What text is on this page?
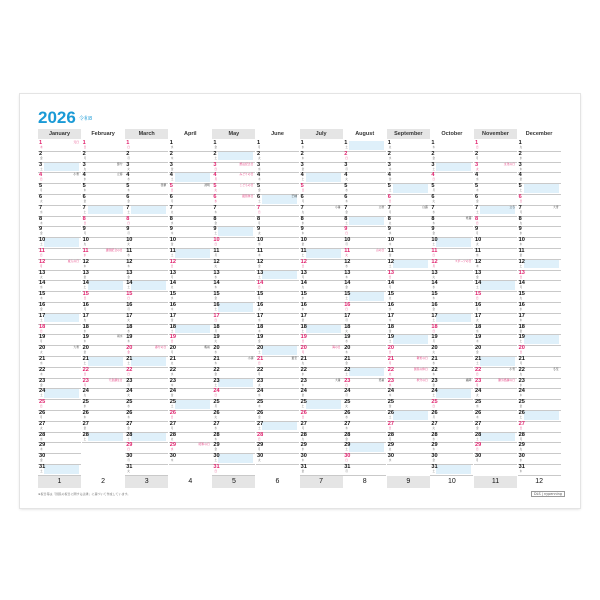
2026 令和8
January
1
木
元日
2
金
3
土
4
日
小寒
5
月
6
火
7
水
8
木
9
金
10
土
11
日
12
月
成人の日
13
火
14
水
15
木
16
金
17
土
18
日
19
月
20
火
大寒
21
水
22
木
23
金
24
土
25
日
26
月
27
火
28
水
29
木
30
金
31
土
1
February
1
日
2
月
3
火
節分
4
水
立春
5
木
6
金
7
土
8
日
9
月
10
火
11
水
建国記念の日
12
木
13
金
14
土
15
日
16
月
17
火
18
水
19
木
雨水
20
金
21
土
22
日
23
月
天皇誕生日
24
火
25
水
26
木
27
金
28
土
2
March
1
日
2
月
3
火
4
水
5
木
啓蟄
6
金
7
土
8
日
9
月
10
火
11
水
12
木
13
金
14
土
15
日
16
月
17
火
18
水
19
木
20
金
春分の日
21
土
22
日
23
月
24
火
25
水
26
木
27
金
28
土
29
日
30
月
31
火
3
April
1
水
2
木
3
金
4
土
5
日
清明
6
月
7
火
8
水
9
木
10
金
11
土
12
日
13
月
14
火
15
水
16
木
17
金
18
土
19
日
20
月
穀雨
21
火
22
水
23
木
24
金
25
土
26
日
27
月
28
火
29
水
昭和の日
30
木
4
May
1
金
2
土
3
日
憲法記念日
4
月
みどりの日
5
火
こどもの日
6
水
振替休日
7
木
8
金
9
土
10
日
11
月
12
火
13
水
14
木
15
金
16
土
17
日
18
月
19
火
20
水
21
木
小満
22
金
23
土
24
日
25
月
26
火
27
水
28
木
29
金
30
土
31
日
5
June
1
月
2
火
3
水
4
木
5
金
6
土
芒種
7
日
8
月
9
火
10
水
11
木
12
金
13
土
14
日
15
月
16
火
17
水
18
木
19
金
20
土
21
日
夏至
22
月
23
火
24
水
25
木
26
金
27
土
28
日
29
月
30
火
6
July
1
水
2
木
3
金
4
土
5
日
6
月
7
火
小暑
8
水
9
木
10
金
11
土
12
日
13
月
14
火
15
水
16
木
17
金
18
土
19
日
20
月
海の日
21
火
22
水
23
木
大暑
24
金
25
土
26
日
27
月
28
火
29
水
30
木
31
金
7
August
1
土
2
日
3
月
4
火
5
水
6
木
7
金
立秋
8
土
9
日
10
月
11
火
山の日
12
水
13
木
14
金
15
土
16
日
17
月
18
火
19
水
20
木
21
金
22
土
23
日
処暑
24
月
25
火
26
水
27
木
28
金
29
土
30
日
31
月
8
September
1
火
2
水
3
木
4
金
5
土
6
日
7
月
白露
8
火
9
水
10
木
11
金
12
土
13
日
14
月
15
火
16
水
17
木
18
金
19
土
20
日
21
月
敬老の日
22
火
国民の休日
23
水
秋分の日
24
木
25
金
26
土
27
日
28
月
29
火
30
水
9
October
1
木
2
金
3
土
4
日
5
月
6
火
7
水
8
木
寒露
9
金
10
土
11
日
12
月
スポーツの日
13
火
14
水
15
木
16
金
17
土
18
日
19
月
20
火
21
水
22
木
23
金
霜降
24
土
25
日
26
月
27
火
28
水
29
木
30
金
31
土
10
November
1
日
2
月
3
火
文化の日
4
水
5
木
6
金
7
土
立冬
8
日
9
月
10
火
11
水
12
木
13
金
14
土
15
日
16
月
17
火
18
水
19
木
20
金
21
土
22
日
小雪
23
月
勤労感謝の日
24
火
25
水
26
木
27
金
28
土
29
日
30
月
11
December
1
火
2
水
3
木
4
金
5
土
6
日
7
月
大雪
8
火
9
水
10
木
11
金
12
土
13
日
14
月
15
火
16
水
17
木
18
金
19
土
20
日
21
月
22
火
冬至
23
水
24
木
25
金
26
土
27
日
28
月
29
火
30
水
31
木
12
※祝日等は「国民の祝日に関する法律」に基づいて作成しています。	DLS | nypenning
